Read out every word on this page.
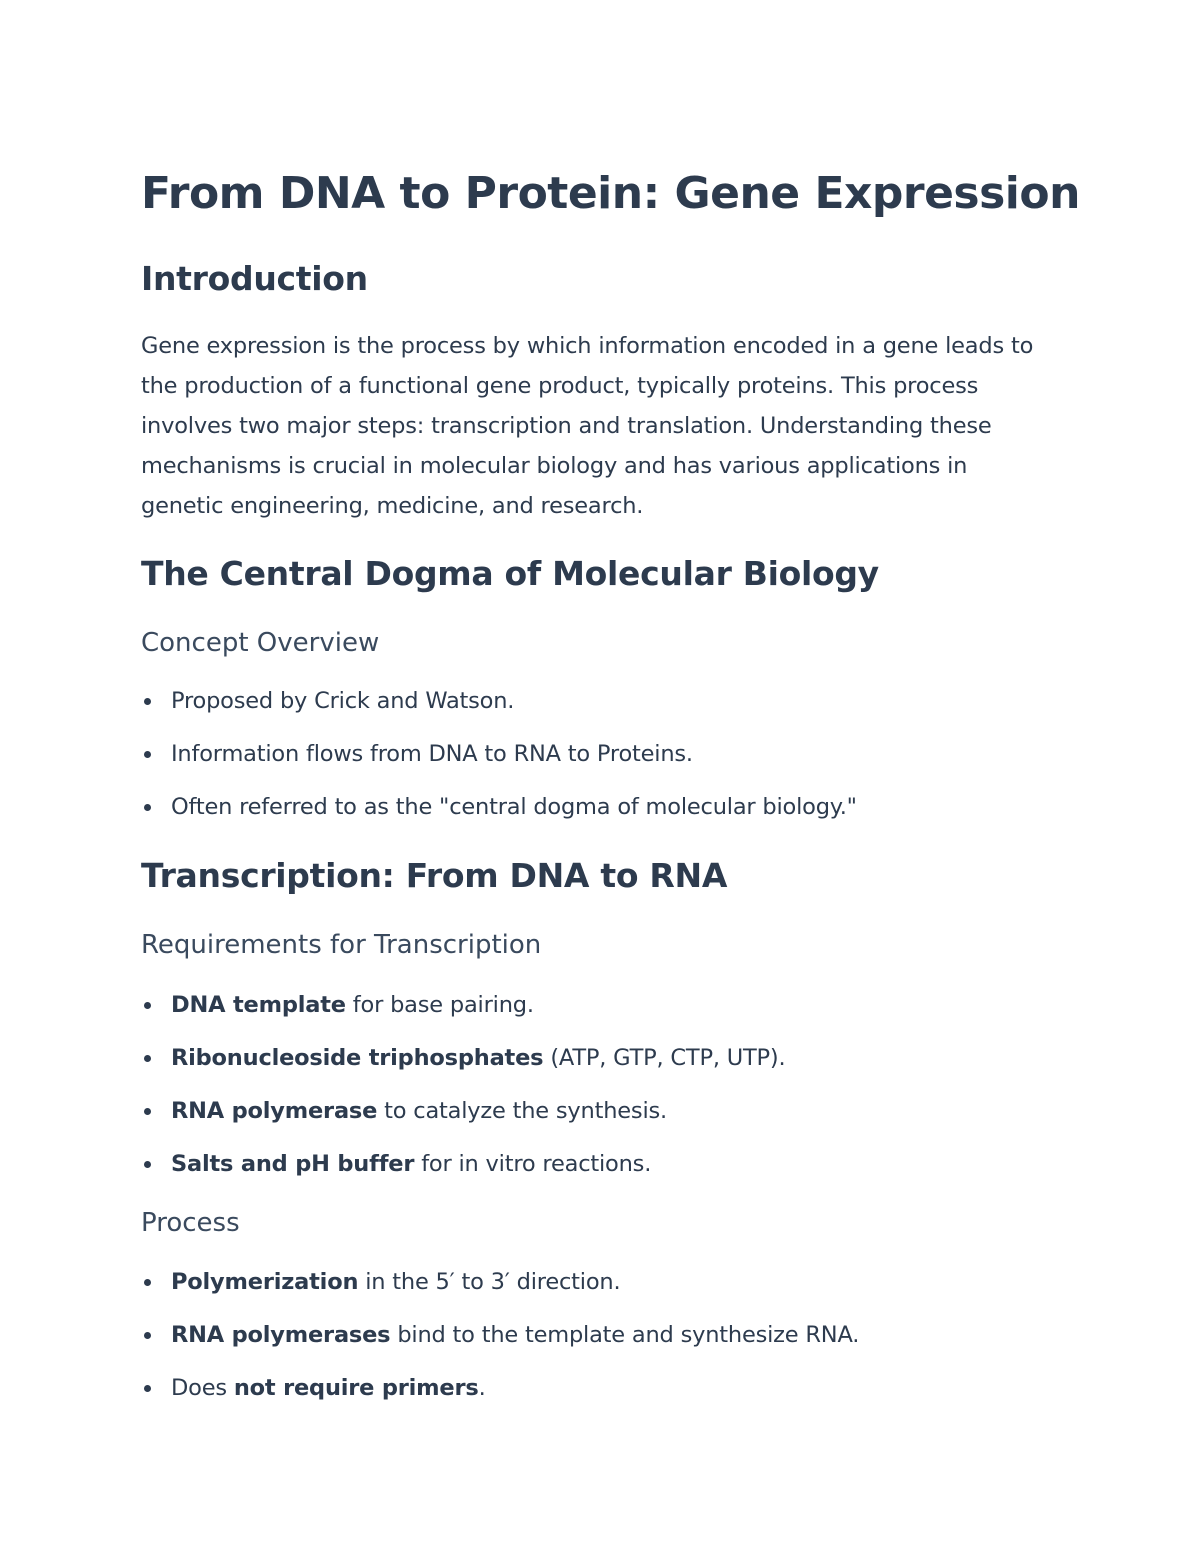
From DNA to Protein: Gene Expression
Introduction

Gene expression is the process by which information encoded in a gene leads to the production of a functional gene product, typically proteins. This process involves two major steps: transcription and translation. Understanding these mechanisms is crucial in molecular biology and has various applications in genetic engineering, medicine, and research.

The Central Dogma of Molecular Biology
Concept Overview
Proposed by Crick and Watson.
Information flows from DNA to RNA to Proteins.
Often referred to as the "central dogma of molecular biology."
Transcription: From DNA to RNA
Requirements for Transcription
DNA template for base pairing.
Ribonucleoside triphosphates (ATP, GTP, CTP, UTP).
RNA polymerase to catalyze the synthesis.
Salts and pH buffer for in vitro reactions.
Process
Polymerization in the 5′ to 3′ direction.
RNA polymerases bind to the template and synthesize RNA.
Does not require primers.
